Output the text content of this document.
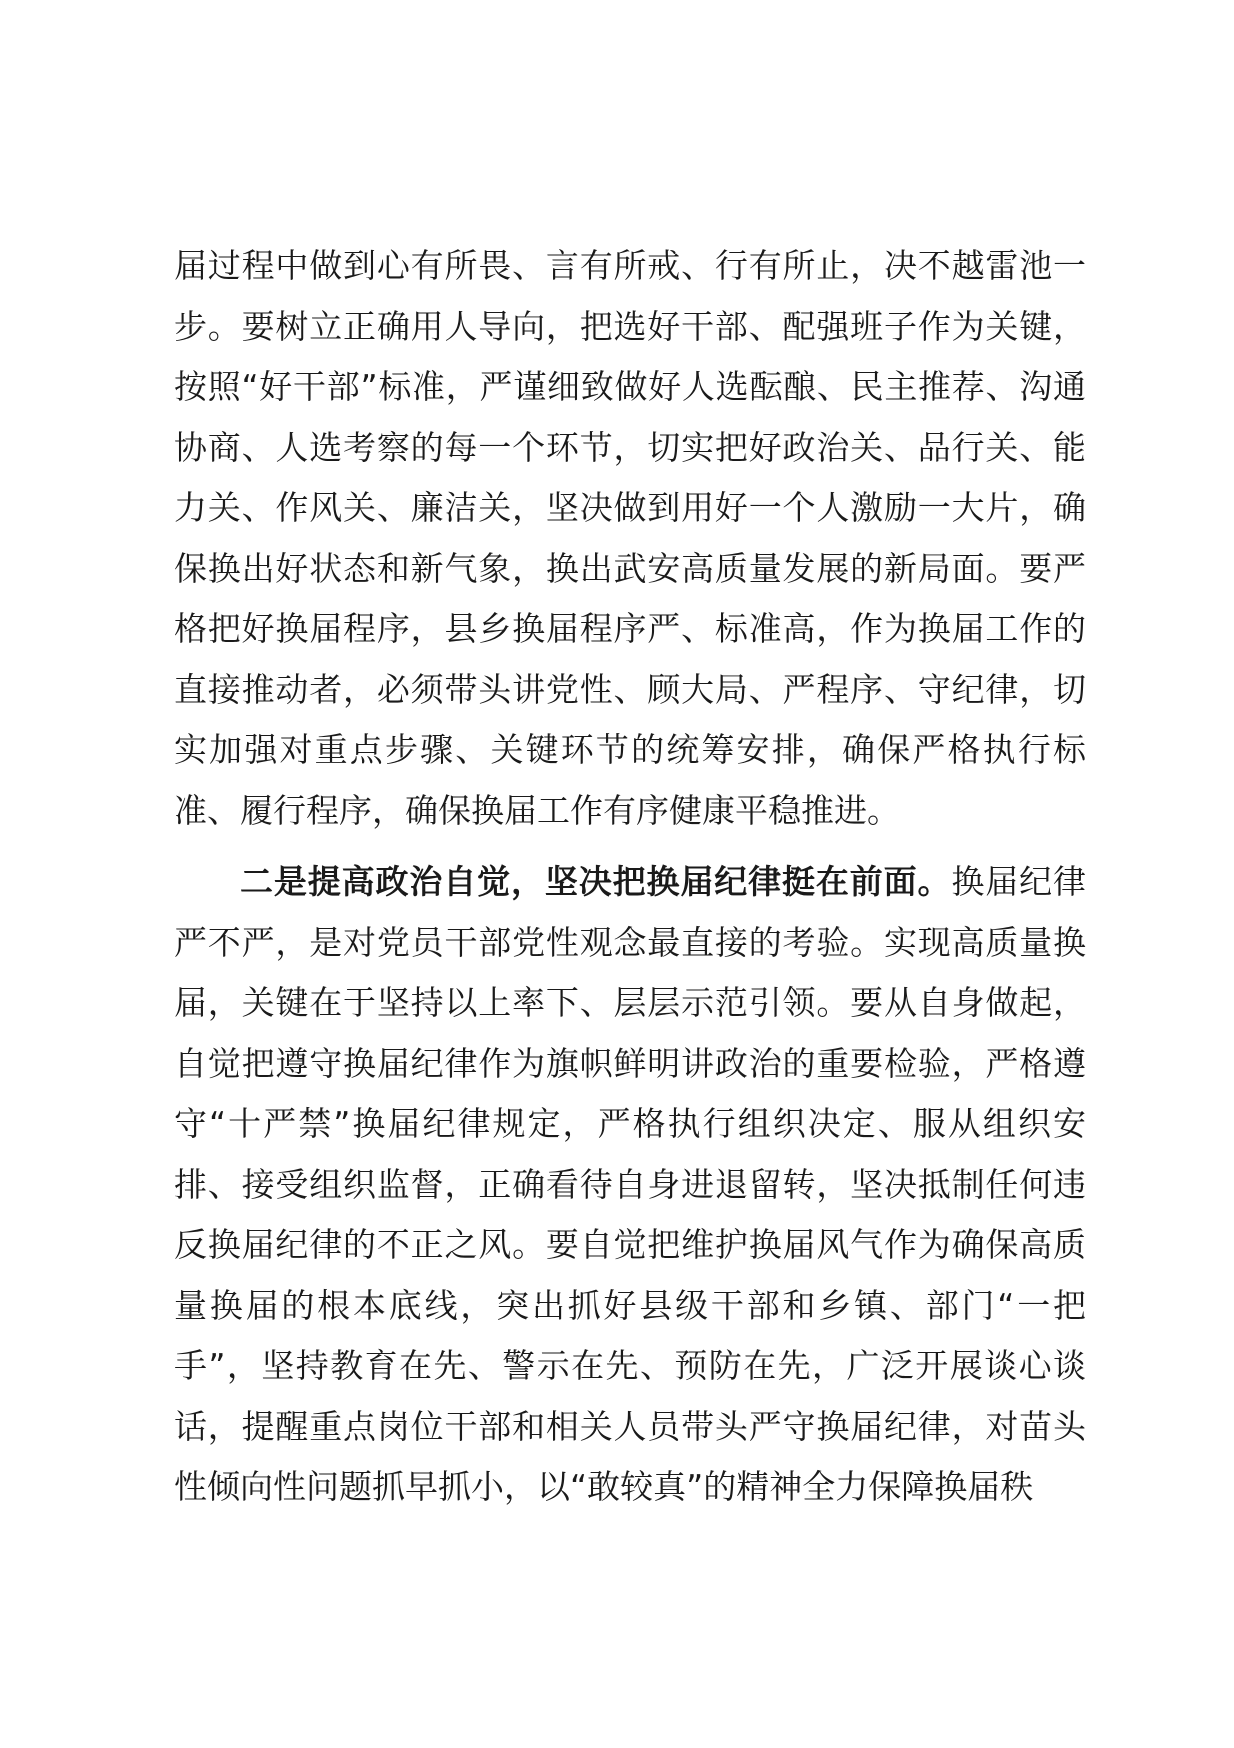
届过程中做到心有所畏、言有所戒、行有所止，决不越雷池一步。要树立正确用人导向，把选好干部、配强班子作为关键，按照“好干部”标准，严谨细致做好人选酝酿、民主推荐、沟通协商、人选考察的每一个环节，切实把好政治关、品行关、能力关、作风关、廉洁关，坚决做到用好一个人激励一大片，确保换出好状态和新气象，换出武安高质量发展的新局面。要严格把好换届程序，县乡换届程序严、标准高，作为换届工作的直接推动者，必须带头讲党性、顾大局、严程序、守纪律，切实加强对重点步骤、关键环节的统筹安排，确保严格执行标准、履行程序，确保换届工作有序健康平稳推进。

二是提高政治自觉，坚决把换届纪律挺在前面。换届纪律严不严，是对党员干部党性观念最直接的考验。实现高质量换届，关键在于坚持以上率下、层层示范引领。要从自身做起，自觉把遵守换届纪律作为旗帜鲜明讲政治的重要检验，严格遵守“十严禁”换届纪律规定，严格执行组织决定、服从组织安排、接受组织监督，正确看待自身进退留转，坚决抵制任何违反换届纪律的不正之风。要自觉把维护换届风气作为确保高质量换届的根本底线，突出抓好县级干部和乡镇、部门“一把手”，坚持教育在先、警示在先、预防在先，广泛开展谈心谈话，提醒重点岗位干部和相关人员带头严守换届纪律，对苗头性倾向性问题抓早抓小，以“敢较真”的精神全力保障换届秩
